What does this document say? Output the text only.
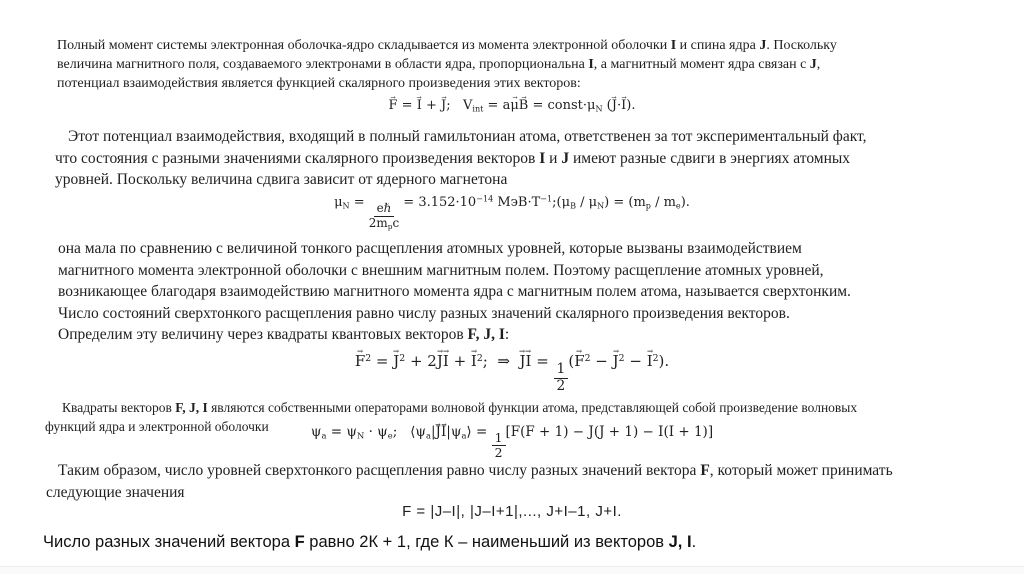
Полный момент системы электронная оболочка-ядро складывается из момента электронной оболочки I и спина ядра J. Поскольку
величина магнитного поля, создаваемого электронами в области ядра, пропорциональна I, а магнитный момент ядра связан с J,
потенциал взаимодействия является функцией скалярного произведения этих векторов:

F → = I → + J →;   $V_{int} = a\mu \to B$ → = $const\cdot\mu_N$ (J →·I →).

Этот потенциал взаимодействия, входящий в полный гамильтониан атома, ответственен за тот экспериментальный факт,
что состояния с разными значениями скалярного произведения векторов I и J имеют разные сдвиги в энергиях атомных
уровней. Поскольку величина сдвига зависит от ядерного магнетона

$\mu_N = \frac{\text{eℏ}}{2m_pc} = 3.152\cdot 10^{-14}$ $МэВ\cdot Т^{-1};(\mu_B / \mu_N) = (m_p / m_e)$.

она мала по сравнению с величиной тонкого расщепления атомных уровней, которые вызваны взаимодействием
магнитного момента электронной оболочки с внешним магнитным полем. Поэтому расщепление атомных уровней,
возникающее благодаря взаимодействию магнитного момента ядра с магнитным полем атома, называется сверхтонким.
Число состояний сверхтонкого расщепления равно числу разных значений скалярного произведения векторов.
Определим эту величину через квадраты квантовых векторов F, J, I:

F →$^2$ = J →$^2$ + 2J →I → + I →$^2$;  ⇒  J →I → =
$\frac{1}{2}$
(F →$^2$ − J →$^2$ − I →$^2$).

Квадраты векторов F, J, I являются собственными операторами волновой функции атома, представляющей собой произведение волновых
функций ядра и электронной оболочки	$\psi_a = \psi_N \cdot \psi_e$;   $⟨\psi_a|J \to I$ $\to|\psi_a⟩ = \frac{1}{2} [F(F + 1) - J(J + 1) - I(I + 1)]$

Таким образом, число уровней сверхтонкого расщепления равно числу разных значений вектора F, который может принимать
следующие значения

F = |J–I|, |J–I+1|,..., J+I–1, J+I.

Число разных значений вектора F равно 2К + 1, где К – наименьший из векторов J, I.
